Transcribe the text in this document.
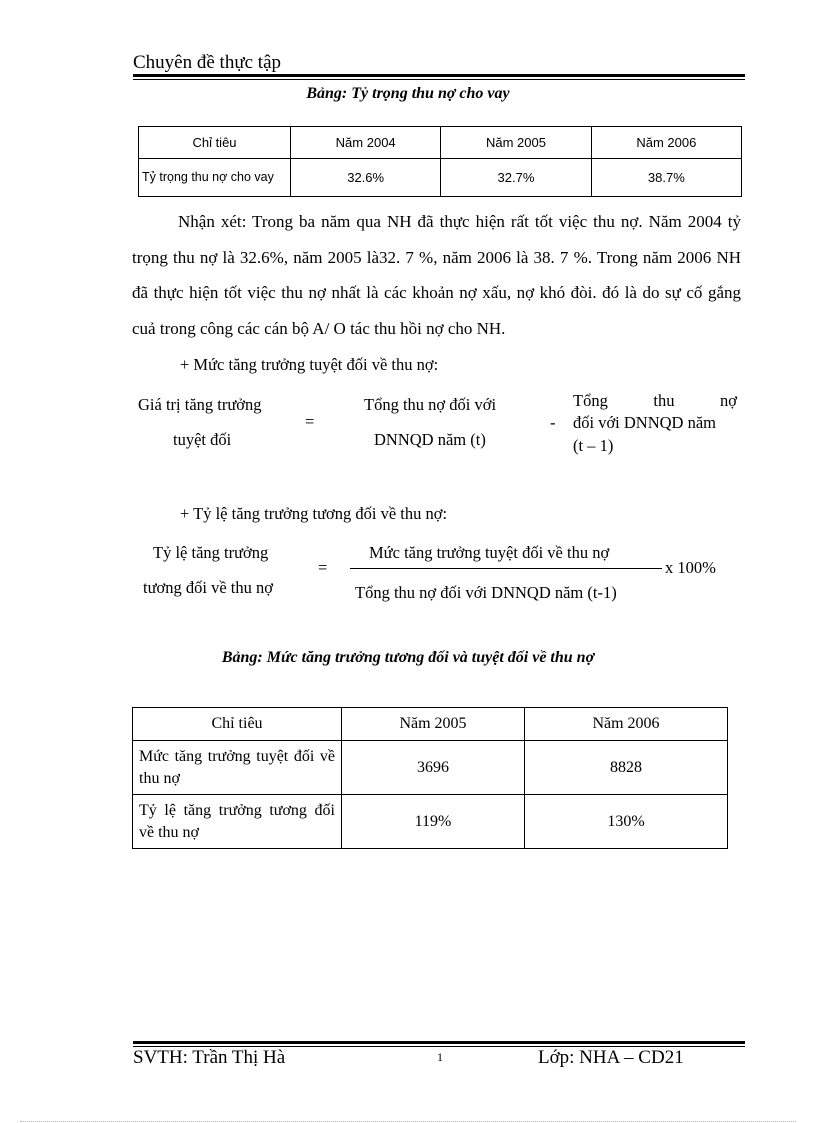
Chuyên đề thực tập
Bảng: Tỷ trọng thu nợ cho vay
Chỉ tiêu	Năm 2004	Năm 2005	Năm 2006
Tỷ trọng thu nợ cho vay	32.6%	32.7%	38.7%
Nhận xét: Trong ba năm qua NH đã thực hiện rất tốt việc thu nợ. Năm 2004 tỷ trọng thu nợ là 32.6%, năm 2005 là32. 7 %, năm 2006 là 38. 7 %. Trong năm 2006 NH đã thực hiện tốt việc thu nợ nhất là các khoản nợ xấu, nợ khó đòi. đó là do sự cố gắng cuả trong công các cán bộ A/ O tác thu hồi nợ cho NH.
+ Mức tăng trưởng tuyệt đối về thu nợ:
Giá trị tăng trưởng
tuyệt đối
=
Tổng thu nợ đối với
DNNQD năm (t)
-
Tổng thu nợ
đối với DNNQD năm
(t – 1)
+ Tỷ lệ tăng trưởng tương đối về thu nợ:
Tỷ lệ tăng trưởng
tương đối về thu nợ
=
Mức tăng trưởng tuyệt đối về thu nợ
x 100%
Tổng thu nợ đối với DNNQD năm (t-1)
Bảng: Mức tăng trưởng tương đối và tuyệt đối về thu nợ
Chỉ tiêu	Năm 2005	Năm 2006
Mức tăng trưởng tuyệt đối về thu nợ	3696	8828
Tỷ lệ tăng trưởng tương đối về thu nợ	119%	130%
SVTH: Trần Thị Hà	1	Lớp: NHA – CD21
